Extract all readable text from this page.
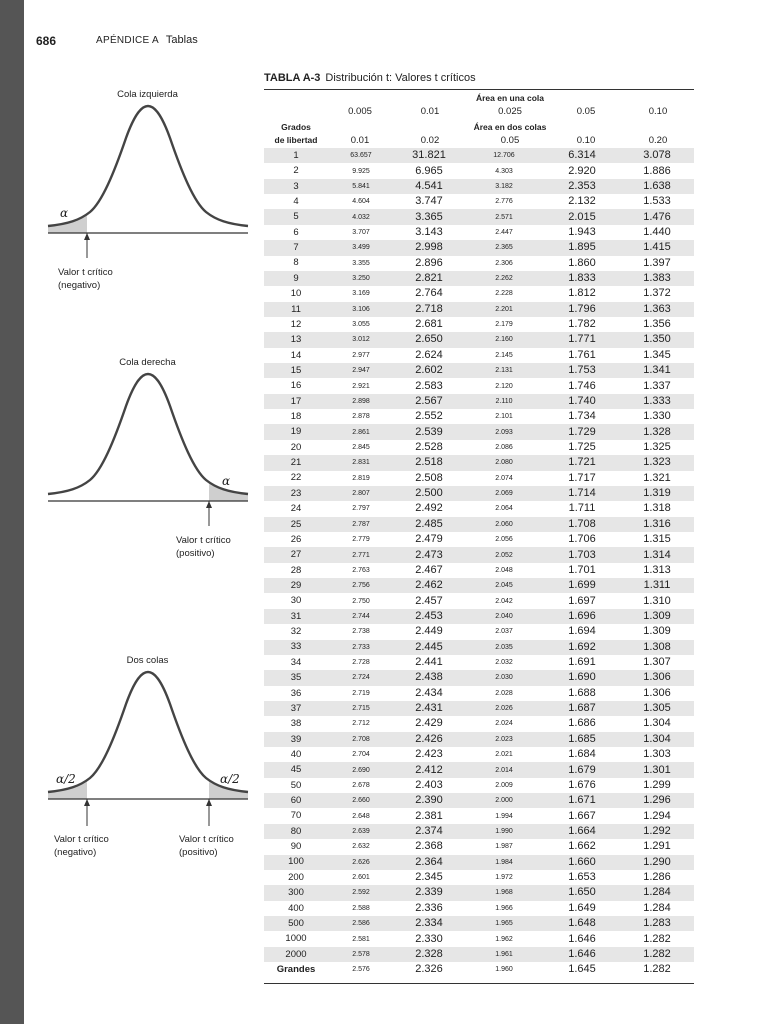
686	APÉNDICE A Tablas
TABLA A-3 Distribución t: Valores t críticos
Área en una cola
0.005	0.01	0.025	0.05	0.10
Grados
de libertad
Área en dos colas
0.01	0.02	0.05	0.10	0.20
1	63.657	31.821	12.706	6.314	3.078
2	9.925	6.965	4.303	2.920	1.886
3	5.841	4.541	3.182	2.353	1.638
4	4.604	3.747	2.776	2.132	1.533
5	4.032	3.365	2.571	2.015	1.476
6	3.707	3.143	2.447	1.943	1.440
7	3.499	2.998	2.365	1.895	1.415
8	3.355	2.896	2.306	1.860	1.397
9	3.250	2.821	2.262	1.833	1.383
10	3.169	2.764	2.228	1.812	1.372
11	3.106	2.718	2.201	1.796	1.363
12	3.055	2.681	2.179	1.782	1.356
13	3.012	2.650	2.160	1.771	1.350
14	2.977	2.624	2.145	1.761	1.345
15	2.947	2.602	2.131	1.753	1.341
16	2.921	2.583	2.120	1.746	1.337
17	2.898	2.567	2.110	1.740	1.333
18	2.878	2.552	2.101	1.734	1.330
19	2.861	2.539	2.093	1.729	1.328
20	2.845	2.528	2.086	1.725	1.325
21	2.831	2.518	2.080	1.721	1.323
22	2.819	2.508	2.074	1.717	1.321
23	2.807	2.500	2.069	1.714	1.319
24	2.797	2.492	2.064	1.711	1.318
25	2.787	2.485	2.060	1.708	1.316
26	2.779	2.479	2.056	1.706	1.315
27	2.771	2.473	2.052	1.703	1.314
28	2.763	2.467	2.048	1.701	1.313
29	2.756	2.462	2.045	1.699	1.311
30	2.750	2.457	2.042	1.697	1.310
31	2.744	2.453	2.040	1.696	1.309
32	2.738	2.449	2.037	1.694	1.309
33	2.733	2.445	2.035	1.692	1.308
34	2.728	2.441	2.032	1.691	1.307
35	2.724	2.438	2.030	1.690	1.306
36	2.719	2.434	2.028	1.688	1.306
37	2.715	2.431	2.026	1.687	1.305
38	2.712	2.429	2.024	1.686	1.304
39	2.708	2.426	2.023	1.685	1.304
40	2.704	2.423	2.021	1.684	1.303
45	2.690	2.412	2.014	1.679	1.301
50	2.678	2.403	2.009	1.676	1.299
60	2.660	2.390	2.000	1.671	1.296
70	2.648	2.381	1.994	1.667	1.294
80	2.639	2.374	1.990	1.664	1.292
90	2.632	2.368	1.987	1.662	1.291
100	2.626	2.364	1.984	1.660	1.290
200	2.601	2.345	1.972	1.653	1.286
300	2.592	2.339	1.968	1.650	1.284
400	2.588	2.336	1.966	1.649	1.284
500	2.586	2.334	1.965	1.648	1.283
1000	2.581	2.330	1.962	1.646	1.282
2000	2.578	2.328	1.961	1.646	1.282
Grandes	2.576	2.326	1.960	1.645	1.282
Cola izquierda
α
Valor t crítico
(negativo)
Cola derecha
α
Valor t crítico
(positivo)
Dos colas
α/2	α/2
Valor t crítico
(negativo)
Valor t crítico
(positivo)
